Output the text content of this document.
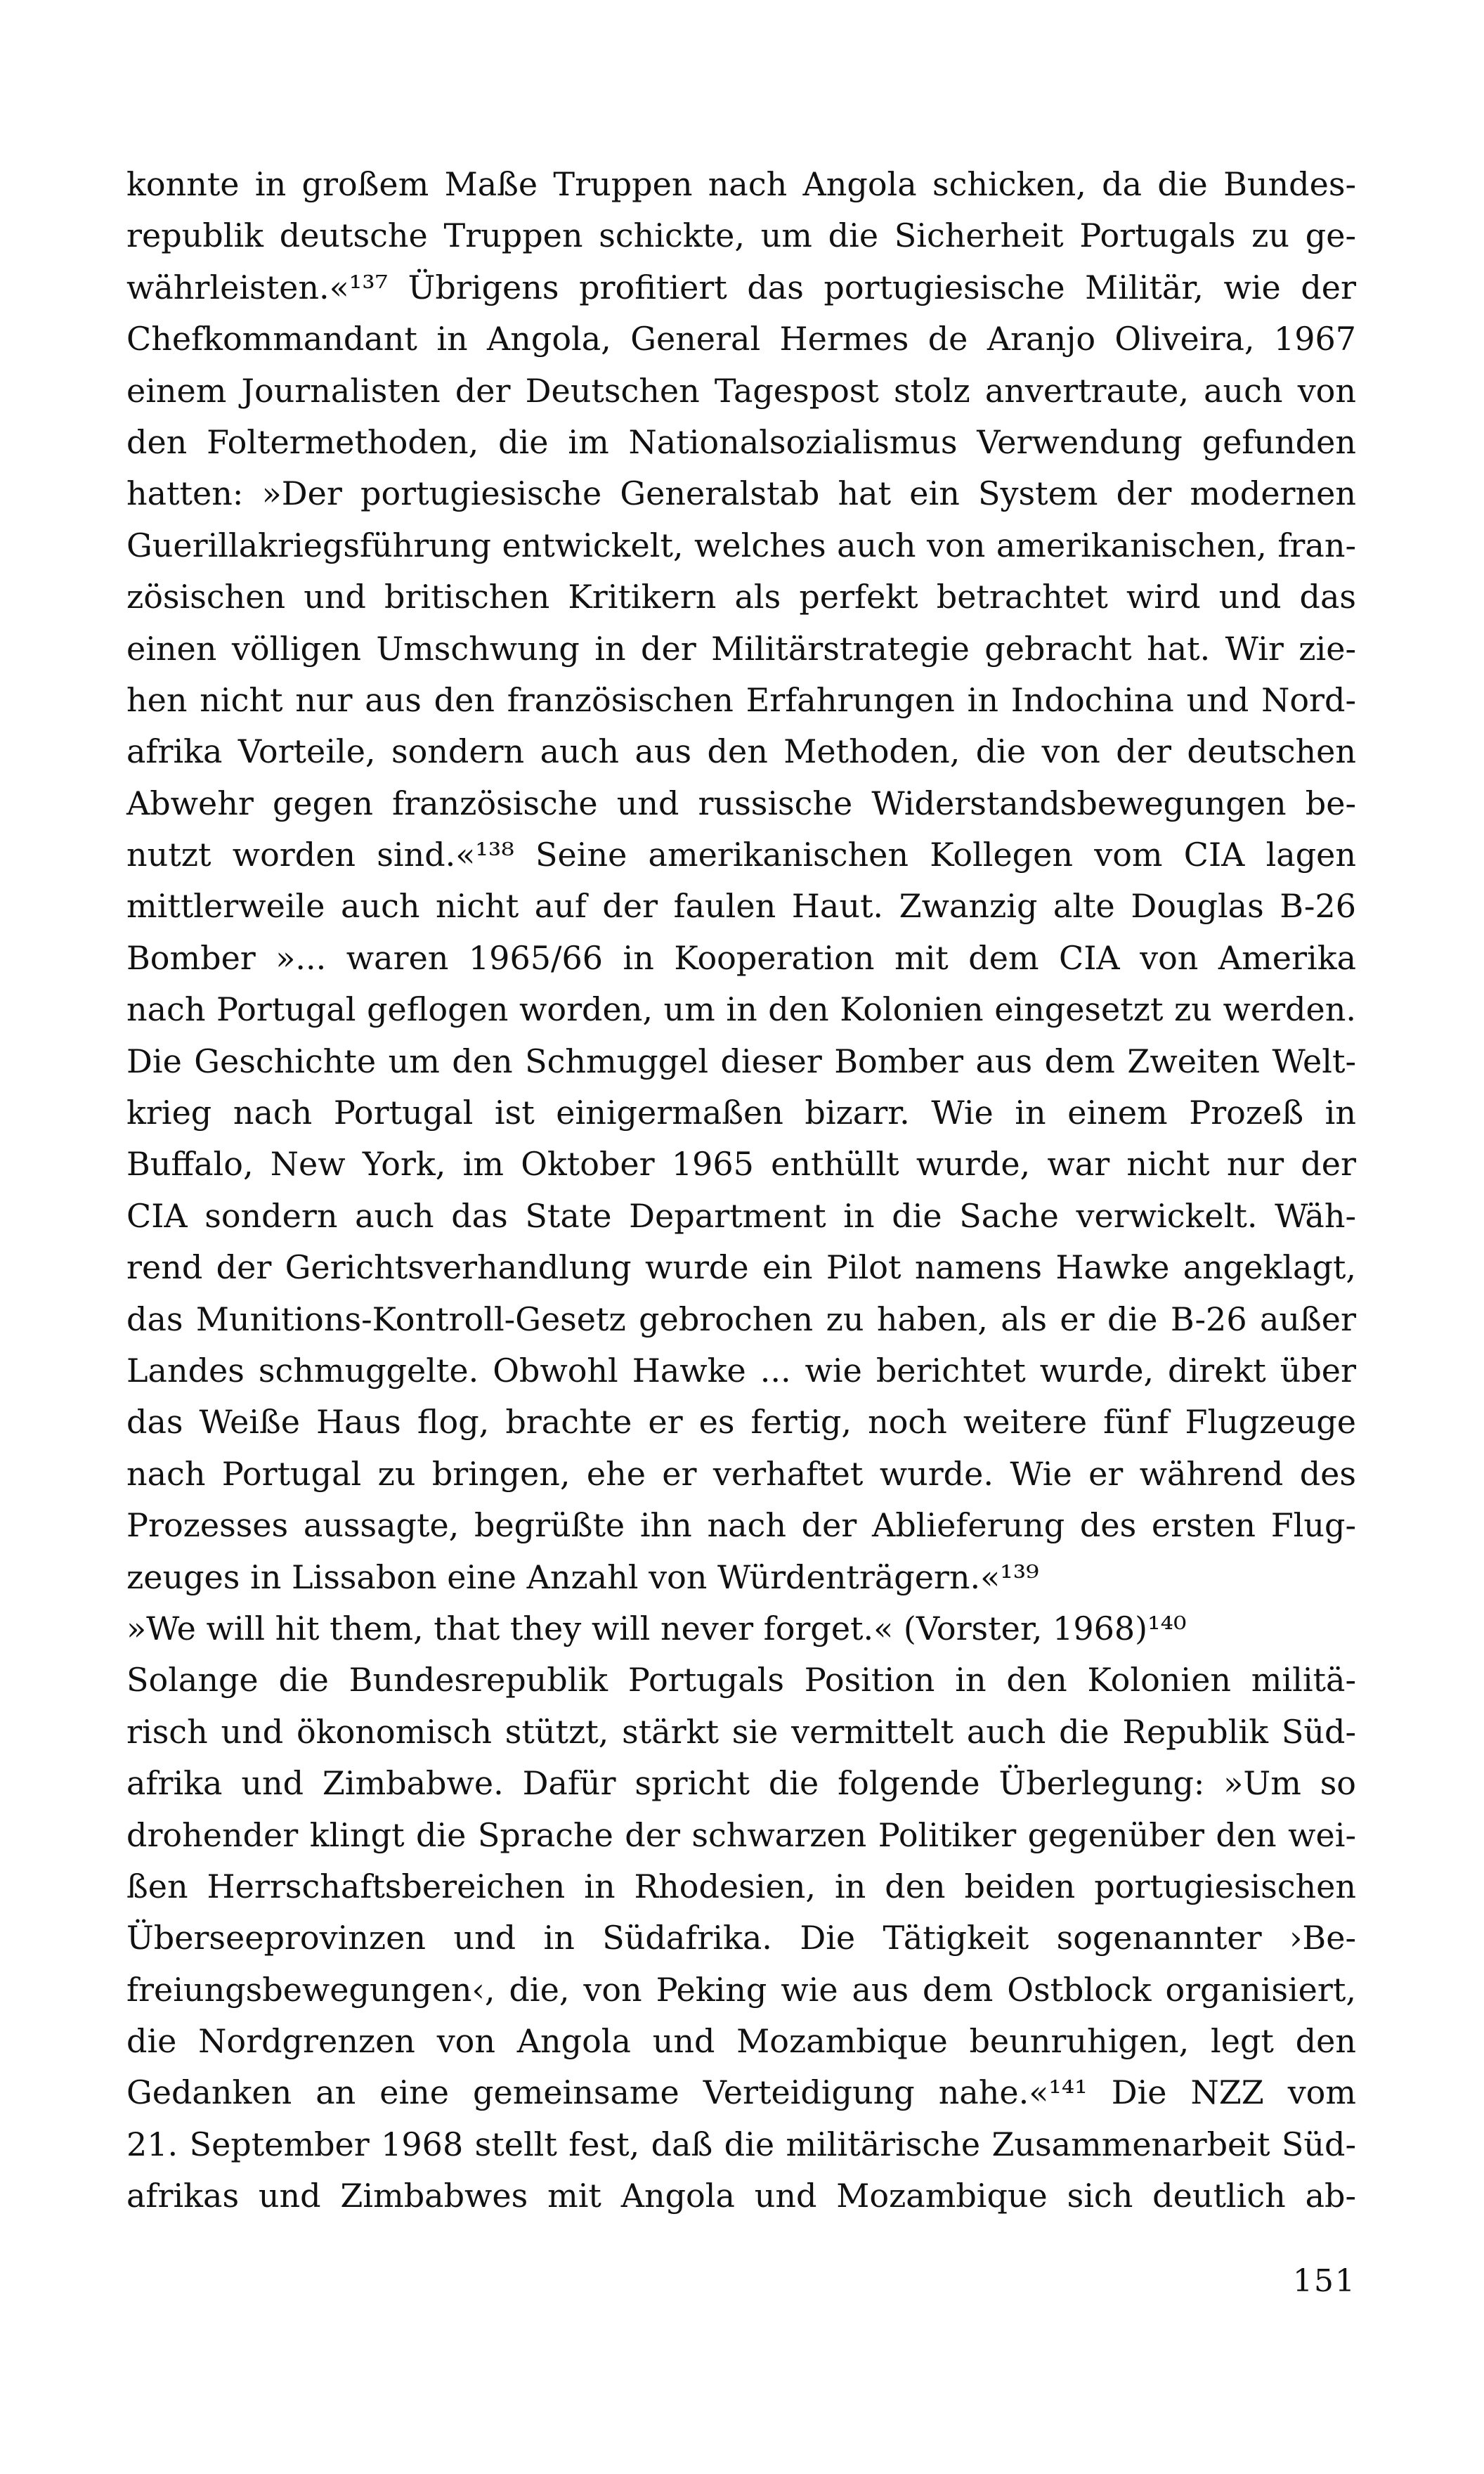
konnte in großem Maße Truppen nach Angola schicken, da die Bundes-
republik deutsche Truppen schickte, um die Sicherheit Portugals zu ge-
währleisten.«¹³⁷ Übrigens profitiert das portugiesische Militär, wie der
Chefkommandant in Angola, General Hermes de Aranjo Oliveira, 1967
einem Journalisten der Deutschen Tagespost stolz anvertraute, auch von
den Foltermethoden, die im Nationalsozialismus Verwendung gefunden
hatten: »Der portugiesische Generalstab hat ein System der modernen
Guerillakriegsführung entwickelt, welches auch von amerikanischen, fran-
zösischen und britischen Kritikern als perfekt betrachtet wird und das
einen völligen Umschwung in der Militärstrategie gebracht hat. Wir zie-
hen nicht nur aus den französischen Erfahrungen in Indochina und Nord-
afrika Vorteile, sondern auch aus den Methoden, die von der deutschen
Abwehr gegen französische und russische Widerstandsbewegungen be-
nutzt worden sind.«¹³⁸ Seine amerikanischen Kollegen vom CIA lagen
mittlerweile auch nicht auf der faulen Haut. Zwanzig alte Douglas B-26
Bomber »... waren 1965/66 in Kooperation mit dem CIA von Amerika
nach Portugal geflogen worden, um in den Kolonien eingesetzt zu werden.
Die Geschichte um den Schmuggel dieser Bomber aus dem Zweiten Welt-
krieg nach Portugal ist einigermaßen bizarr. Wie in einem Prozeß in
Buffalo, New York, im Oktober 1965 enthüllt wurde, war nicht nur der
CIA sondern auch das State Department in die Sache verwickelt. Wäh-
rend der Gerichtsverhandlung wurde ein Pilot namens Hawke angeklagt,
das Munitions-Kontroll-Gesetz gebrochen zu haben, als er die B-26 außer
Landes schmuggelte. Obwohl Hawke ... wie berichtet wurde, direkt über
das Weiße Haus flog, brachte er es fertig, noch weitere fünf Flugzeuge
nach Portugal zu bringen, ehe er verhaftet wurde. Wie er während des
Prozesses aussagte, begrüßte ihn nach der Ablieferung des ersten Flug-
zeuges in Lissabon eine Anzahl von Würdenträgern.«¹³⁹
»We will hit them, that they will never forget.« (Vorster, 1968)¹⁴⁰
Solange die Bundesrepublik Portugals Position in den Kolonien militä-
risch und ökonomisch stützt, stärkt sie vermittelt auch die Republik Süd-
afrika und Zimbabwe. Dafür spricht die folgende Überlegung: »Um so
drohender klingt die Sprache der schwarzen Politiker gegenüber den wei-
ßen Herrschaftsbereichen in Rhodesien, in den beiden portugiesischen
Überseeprovinzen und in Südafrika. Die Tätigkeit sogenannter ›Be-
freiungsbewegungen‹, die, von Peking wie aus dem Ostblock organisiert,
die Nordgrenzen von Angola und Mozambique beunruhigen, legt den
Gedanken an eine gemeinsame Verteidigung nahe.«¹⁴¹ Die NZZ vom
21. September 1968 stellt fest, daß die militärische Zusammenarbeit Süd-
afrikas und Zimbabwes mit Angola und Mozambique sich deutlich ab-
151
